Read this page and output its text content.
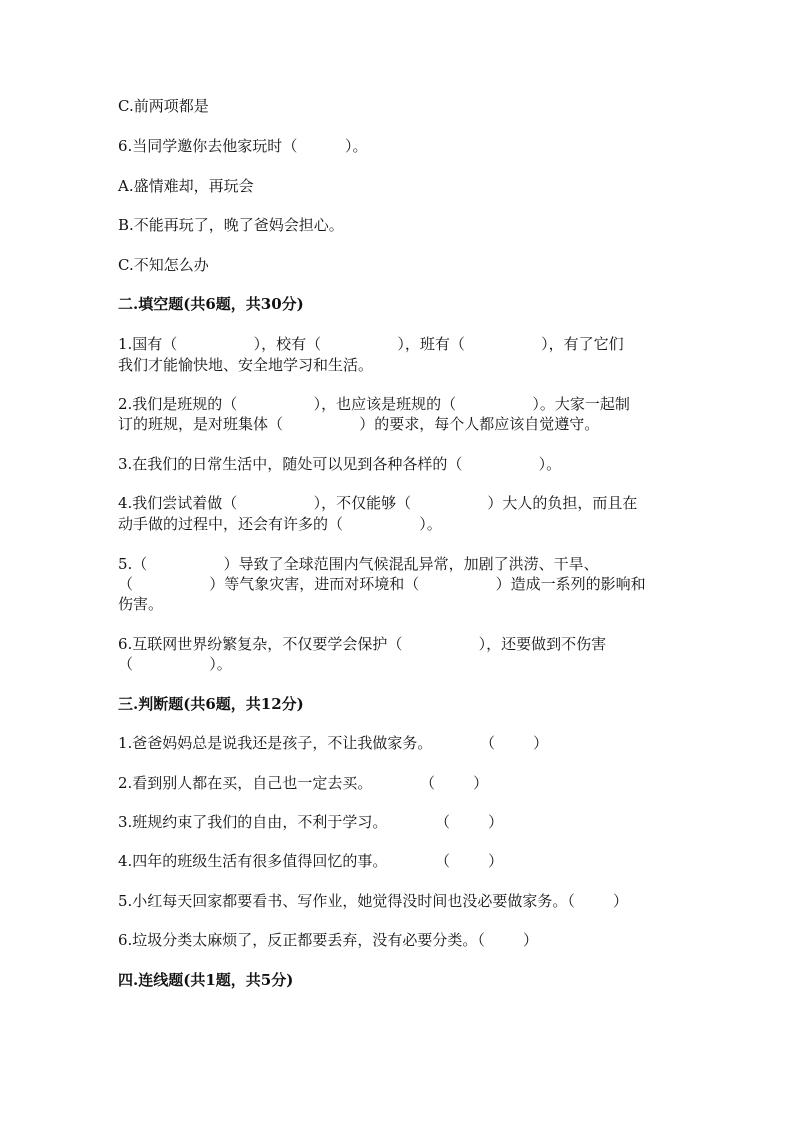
C.前两项都是
6.当同学邀你去他家玩时（          ）。
A.盛情难却，再玩会
B.不能再玩了，晚了爸妈会担心。
C.不知怎么办
二.填空题(共6题，共30分)
1.国有（                ），校有（                ），班有（                ），有了它们
我们才能愉快地、安全地学习和生活。
2.我们是班规的（                ），也应该是班规的（                ）。大家一起制
订的班规，是对班集体（                ）的要求，每个人都应该自觉遵守。
3.在我们的日常生活中，随处可以见到各种各样的（                ）。
4.我们尝试着做（                ），不仅能够（                ）大人的负担，而且在
动手做的过程中，还会有许多的（                ）。
5.（                ）导致了全球范围内气候混乱异常，加剧了洪涝、干旱、
（                ）等气象灾害，进而对环境和（                ）造成一系列的影响和
伤害。
6.互联网世界纷繁复杂，不仅要学会保护（                ），还要做到不伤害
（                ）。
三.判断题(共6题，共12分)
1.爸爸妈妈总是说我还是孩子，不让我做家务。          （        ）
2.看到别人都在买，自己也一定去买。          （        ）
3.班规约束了我们的自由，不利于学习。          （        ）
4.四年的班级生活有很多值得回忆的事。          （        ）
5.小红每天回家都要看书、写作业，她觉得没时间也没必要做家务。（        ）
6.垃圾分类太麻烦了，反正都要丢弃，没有必要分类。（        ）
四.连线题(共1题，共5分)
